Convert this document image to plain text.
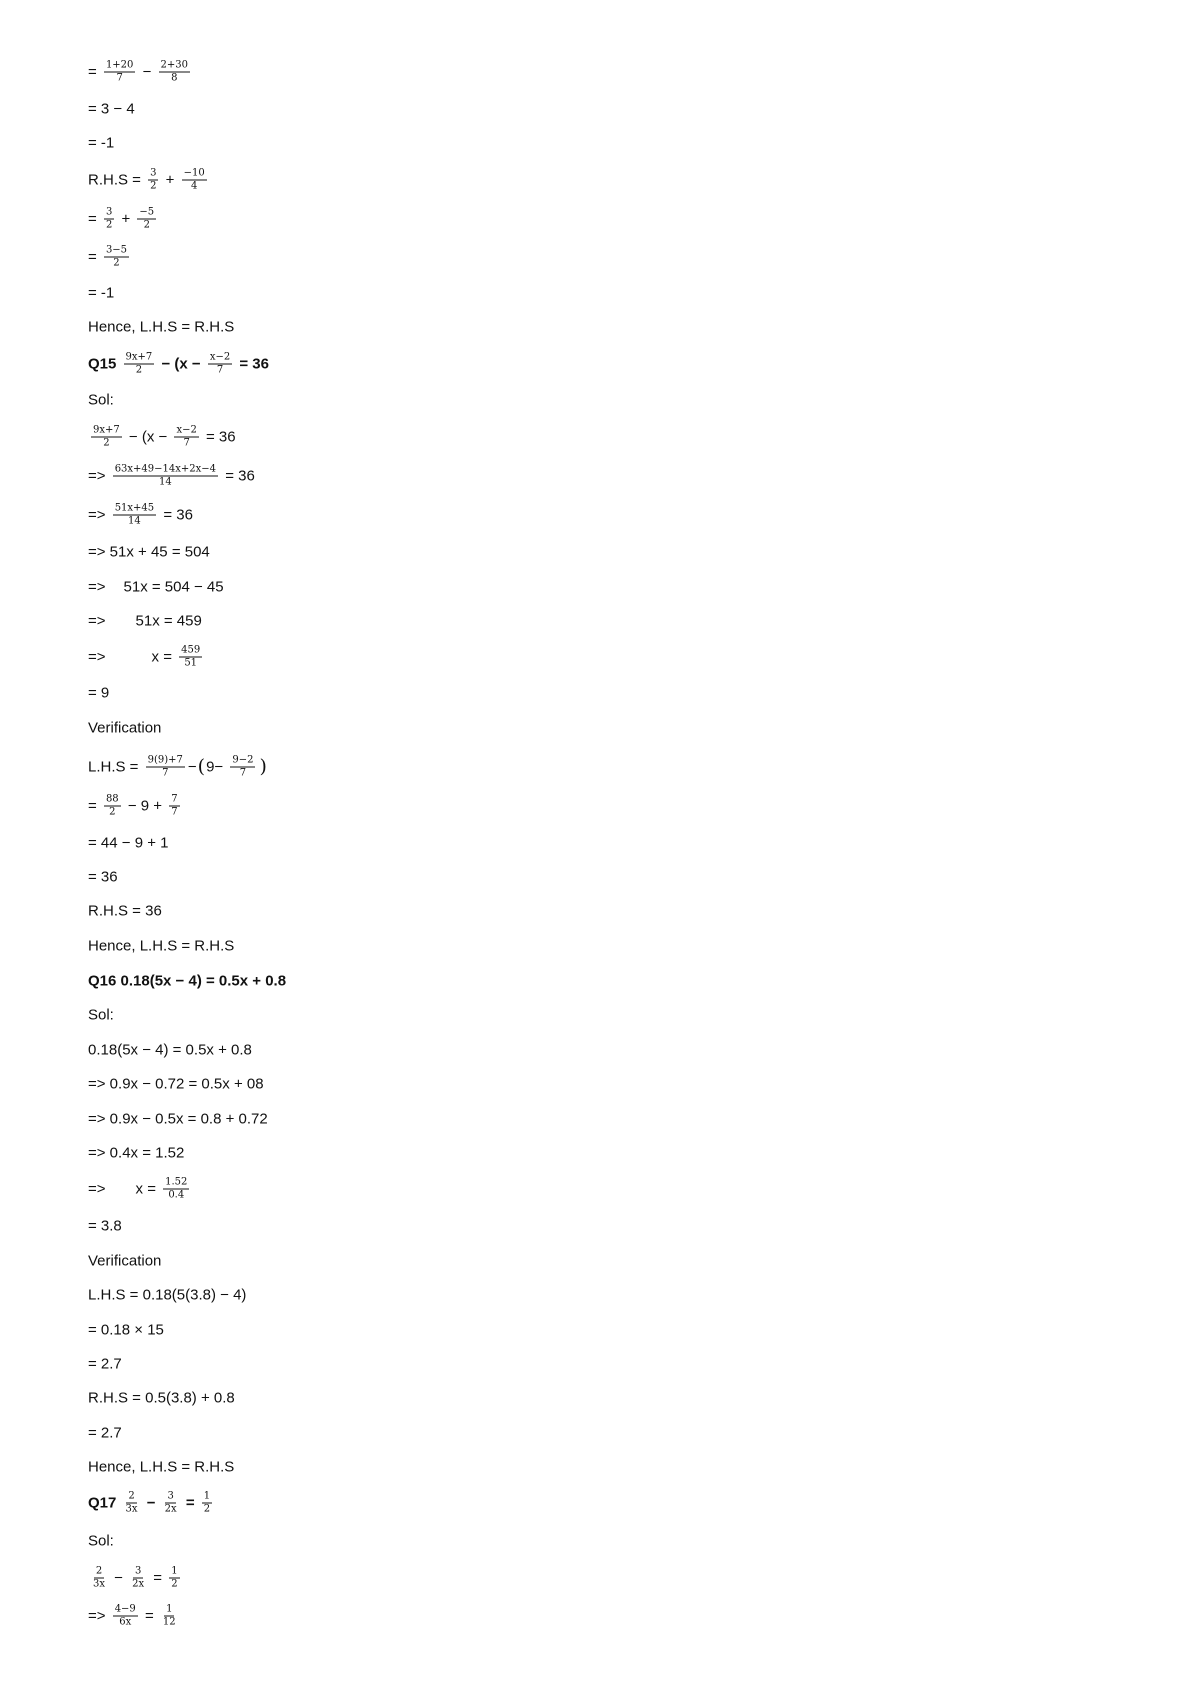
= $\frac{1+20}{7} - \frac{2+30}{8}$
= 3 − 4
= -1
$R.H.S = \frac{3}{2} + \frac{-10}{4}$
= $\frac{3}{2} + \frac{-5}{2}$
= $\frac{3-5}{2}$
= -1
Hence, L.H.S = R.H.S
$Q15 \frac{9x+7}{2} - (x - \frac{x-2}{7} = 36$
Sol:
$\frac{9x+7}{2} - (x - \frac{x-2}{7} = 36$
=> $\frac{63x+49-14x+2x-4}{14} = 36$
=> $\frac{51x+45}{14} = 36$
=> 51x + 45 = 504
=> 51x = 504 − 45
=> 51x = 459
=>	$x = \frac{459}{51}$
= 9
Verification
$L.H.S = \frac{9(9)+7}{7}$ − ( $9- \frac{9-2}{7}$ )
= $\frac{88}{2} - 9 + \frac{7}{7}$
= 44 − 9 + 1
= 36
R.H.S = 36
Hence, L.H.S = R.H.S
Q16 0.18(5x − 4) = 0.5x + 0.8
Sol:
0.18(5x − 4) = 0.5x + 0.8
=> 0.9x − 0.72 = 0.5x + 08
=> 0.9x − 0.5x = 0.8 + 0.72
=> 0.4x = 1.52
=> $x = \frac{1.52}{0.4}$
= 3.8
Verification
L.H.S = 0.18(5(3.8) − 4)
= 0.18 × 15
= 2.7
R.H.S = 0.5(3.8) + 0.8
= 2.7
Hence, L.H.S = R.H.S
$Q17 \frac{2}{3x} - \frac{3}{2x} = \frac{1}{2}$
Sol:
$\frac{2}{3x} - \frac{3}{2x} = \frac{1}{2}$
=> $\frac{4-9}{6x} = \frac{1}{12}$
